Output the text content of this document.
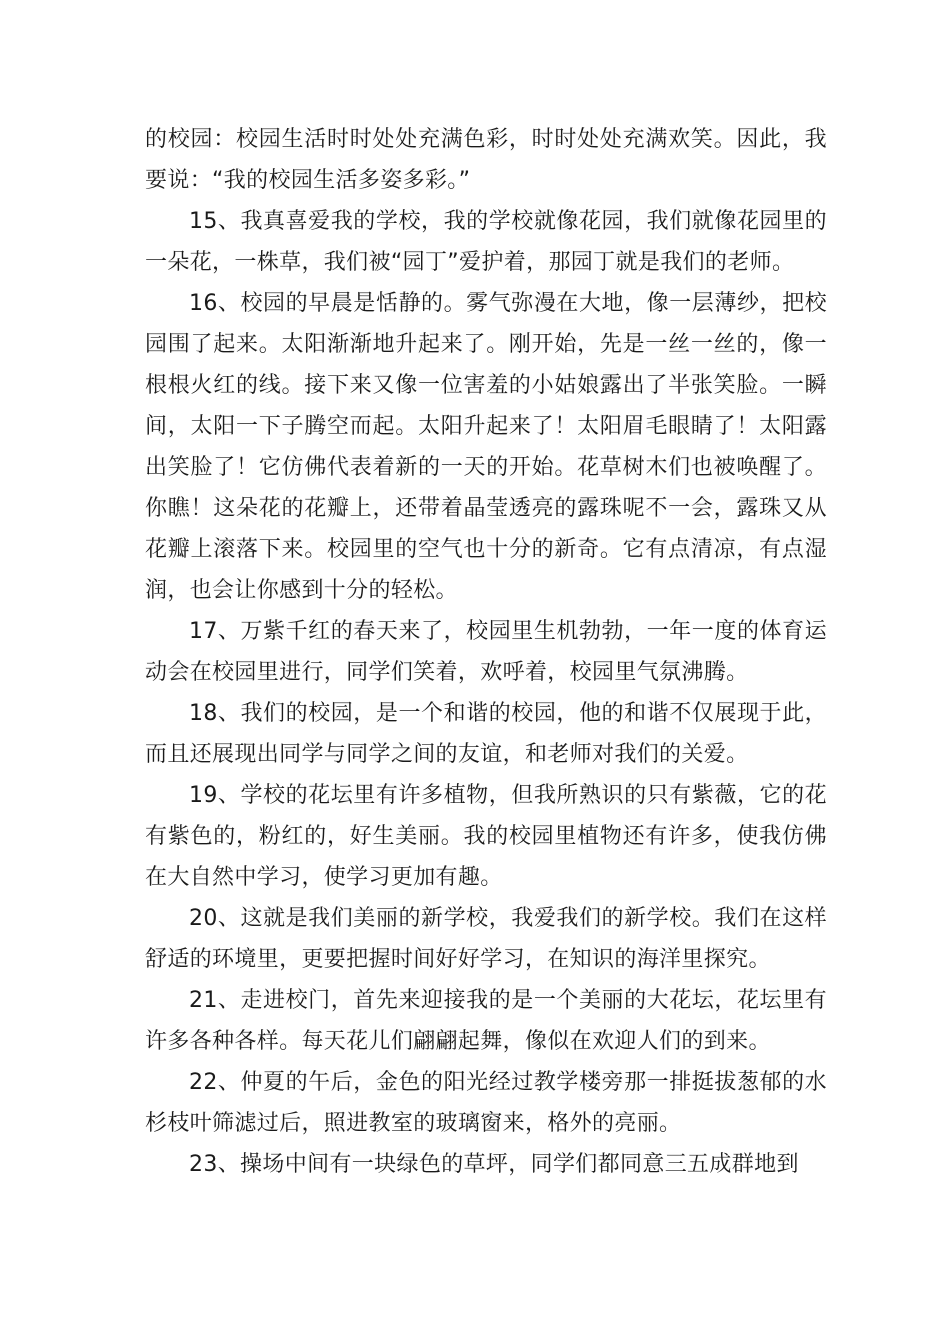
的校园：校园生活时时处处充满色彩，时时处处充满欢笑。因此，我要说：“我的校园生活多姿多彩。”

15、我真喜爱我的学校，我的学校就像花园，我们就像花园里的一朵花，一株草，我们被“园丁”爱护着，那园丁就是我们的老师。

16、校园的早晨是恬静的。雾气弥漫在大地，像一层薄纱，把校园围了起来。太阳渐渐地升起来了。刚开始，先是一丝一丝的，像一根根火红的线。接下来又像一位害羞的小姑娘露出了半张笑脸。一瞬间，太阳一下子腾空而起。太阳升起来了！太阳眉毛眼睛了！太阳露出笑脸了！它仿佛代表着新的一天的开始。花草树木们也被唤醒了。你瞧！这朵花的花瓣上，还带着晶莹透亮的露珠呢不一会，露珠又从花瓣上滚落下来。校园里的空气也十分的新奇。它有点清凉，有点湿润，也会让你感到十分的轻松。

17、万紫千红的春天来了，校园里生机勃勃，一年一度的体育运动会在校园里进行，同学们笑着，欢呼着，校园里气氛沸腾。

18、我们的校园，是一个和谐的校园，他的和谐不仅展现于此，而且还展现出同学与同学之间的友谊，和老师对我们的关爱。

19、学校的花坛里有许多植物，但我所熟识的只有紫薇，它的花有紫色的，粉红的，好生美丽。我的校园里植物还有许多，使我仿佛在大自然中学习，使学习更加有趣。

20、这就是我们美丽的新学校，我爱我们的新学校。我们在这样舒适的环境里，更要把握时间好好学习，在知识的海洋里探究。

21、走进校门，首先来迎接我的是一个美丽的大花坛，花坛里有许多各种各样。每天花儿们翩翩起舞，像似在欢迎人们的到来。

22、仲夏的午后，金色的阳光经过教学楼旁那一排挺拔葱郁的水杉枝叶筛滤过后，照进教室的玻璃窗来，格外的亮丽。

23、操场中间有一块绿色的草坪，同学们都同意三五成群地到
